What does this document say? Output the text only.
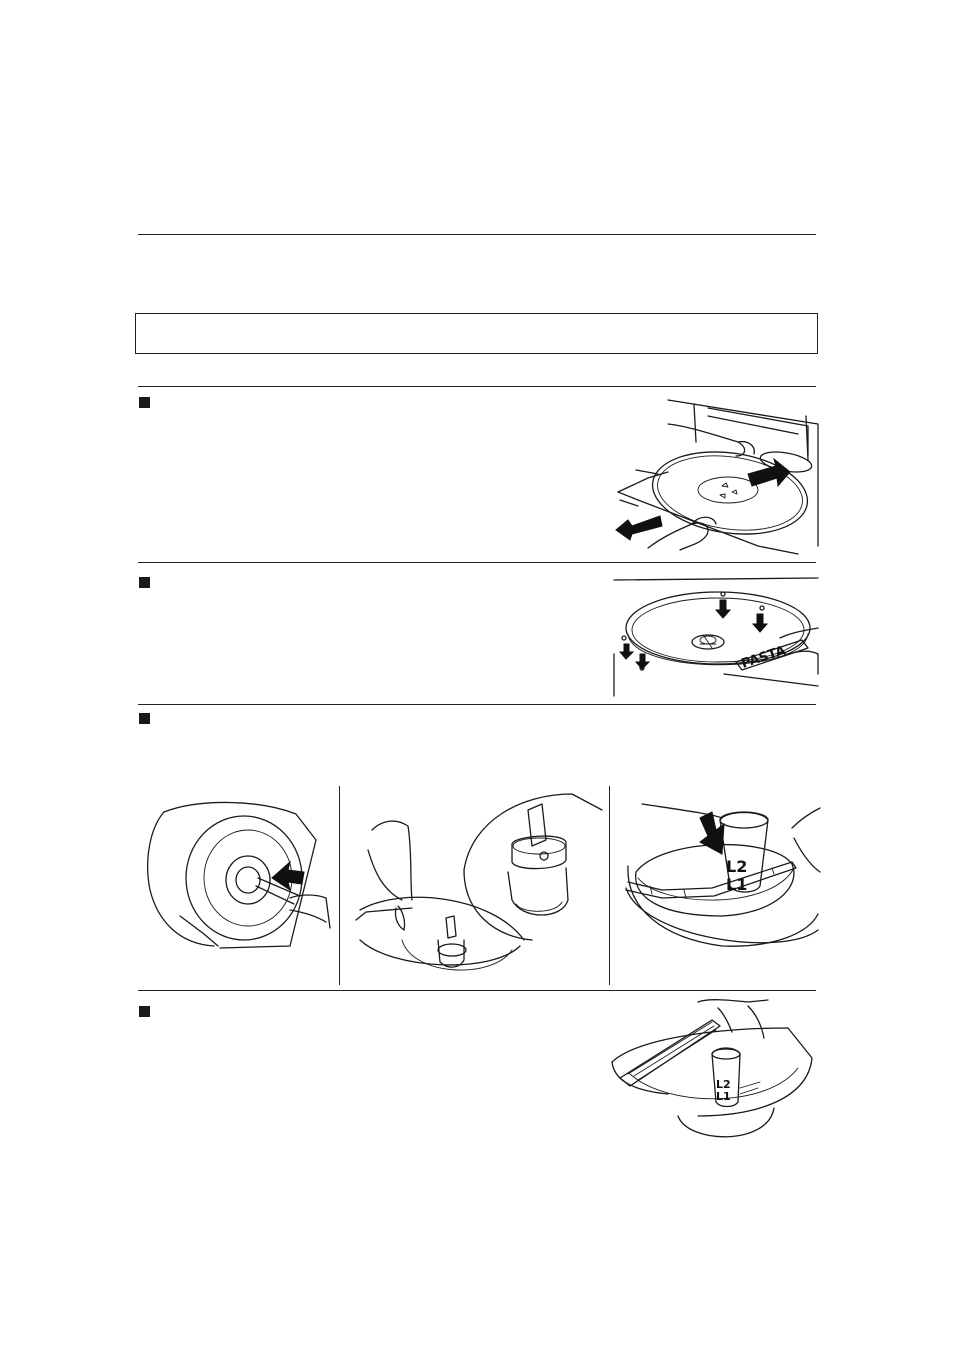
PASTA
L2
L1
L2
L1
